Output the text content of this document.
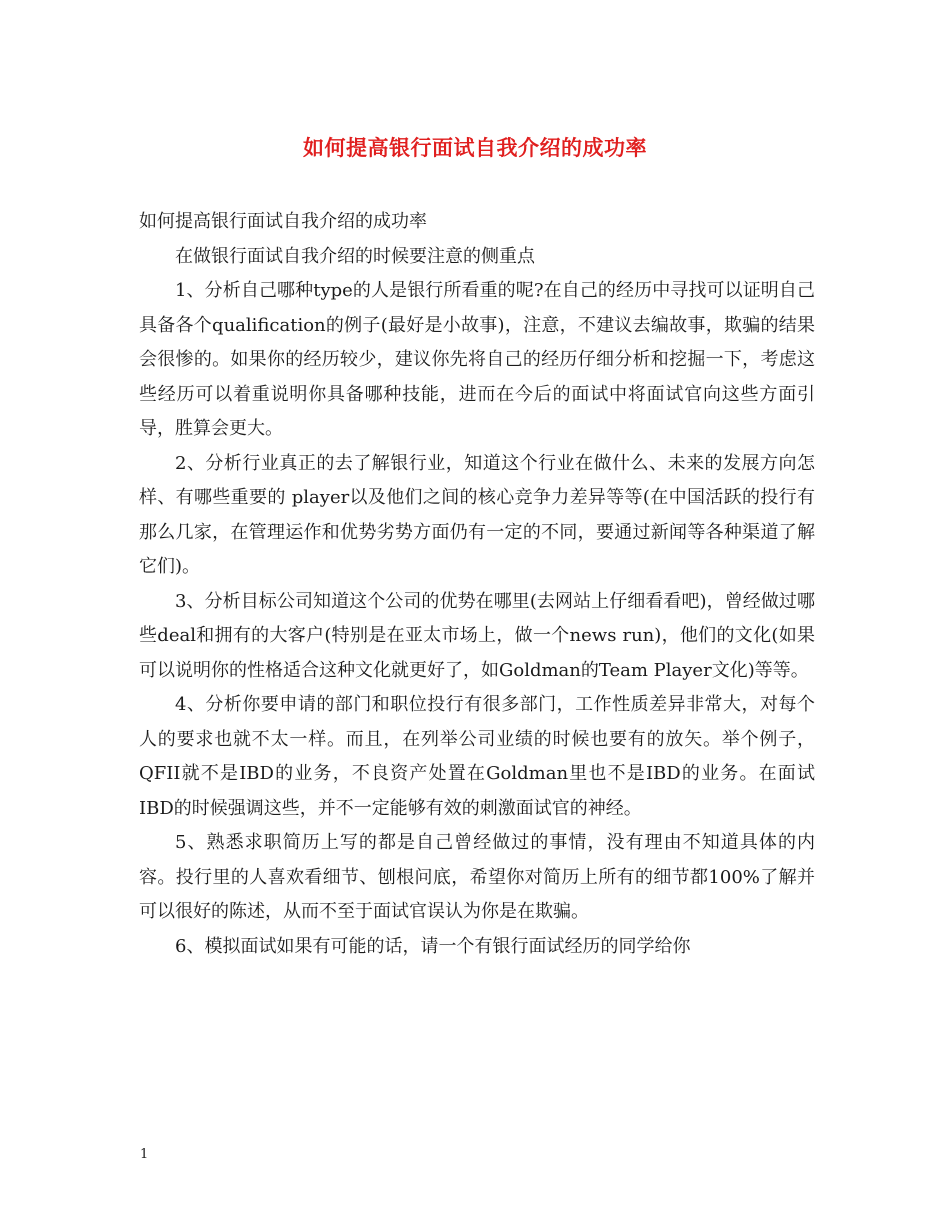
如何提高银行面试自我介绍的成功率

如何提高银行面试自我介绍的成功率

在做银行面试自我介绍的时候要注意的侧重点

1、分析自己哪种type的人是银行所看重的呢?在自己的经历中寻找可以证明自己具备各个qualification的例子(最好是小故事)，注意，不建议去编故事，欺骗的结果会很惨的。如果你的经历较少，建议你先将自己的经历仔细分析和挖掘一下，考虑这些经历可以着重说明你具备哪种技能，进而在今后的面试中将面试官向这些方面引导，胜算会更大。

2、分析行业真正的去了解银行业，知道这个行业在做什么、未来的发展方向怎样、有哪些重要的 player以及他们之间的核心竞争力差异等等(在中国活跃的投行有那么几家，在管理运作和优势劣势方面仍有一定的不同，要通过新闻等各种渠道了解它们)。

3、分析目标公司知道这个公司的优势在哪里(去网站上仔细看看吧)，曾经做过哪些deal和拥有的大客户(特别是在亚太市场上，做一个news run)，他们的文化(如果可以说明你的性格适合这种文化就更好了，如Goldman的Team Player文化)等等。

4、分析你要申请的部门和职位投行有很多部门，工作性质差异非常大，对每个人的要求也就不太一样。而且，在列举公司业绩的时候也要有的放矢。举个例子，QFII就不是IBD的业务，不良资产处置在Goldman里也不是IBD的业务。在面试IBD的时候强调这些，并不一定能够有效的刺激面试官的神经。

5、熟悉求职简历上写的都是自己曾经做过的事情，没有理由不知道具体的内容。投行里的人喜欢看细节、刨根问底，希望你对简历上所有的细节都100%了解并可以很好的陈述，从而不至于面试官误认为你是在欺骗。

6、模拟面试如果有可能的话，请一个有银行面试经历的同学给你

1
